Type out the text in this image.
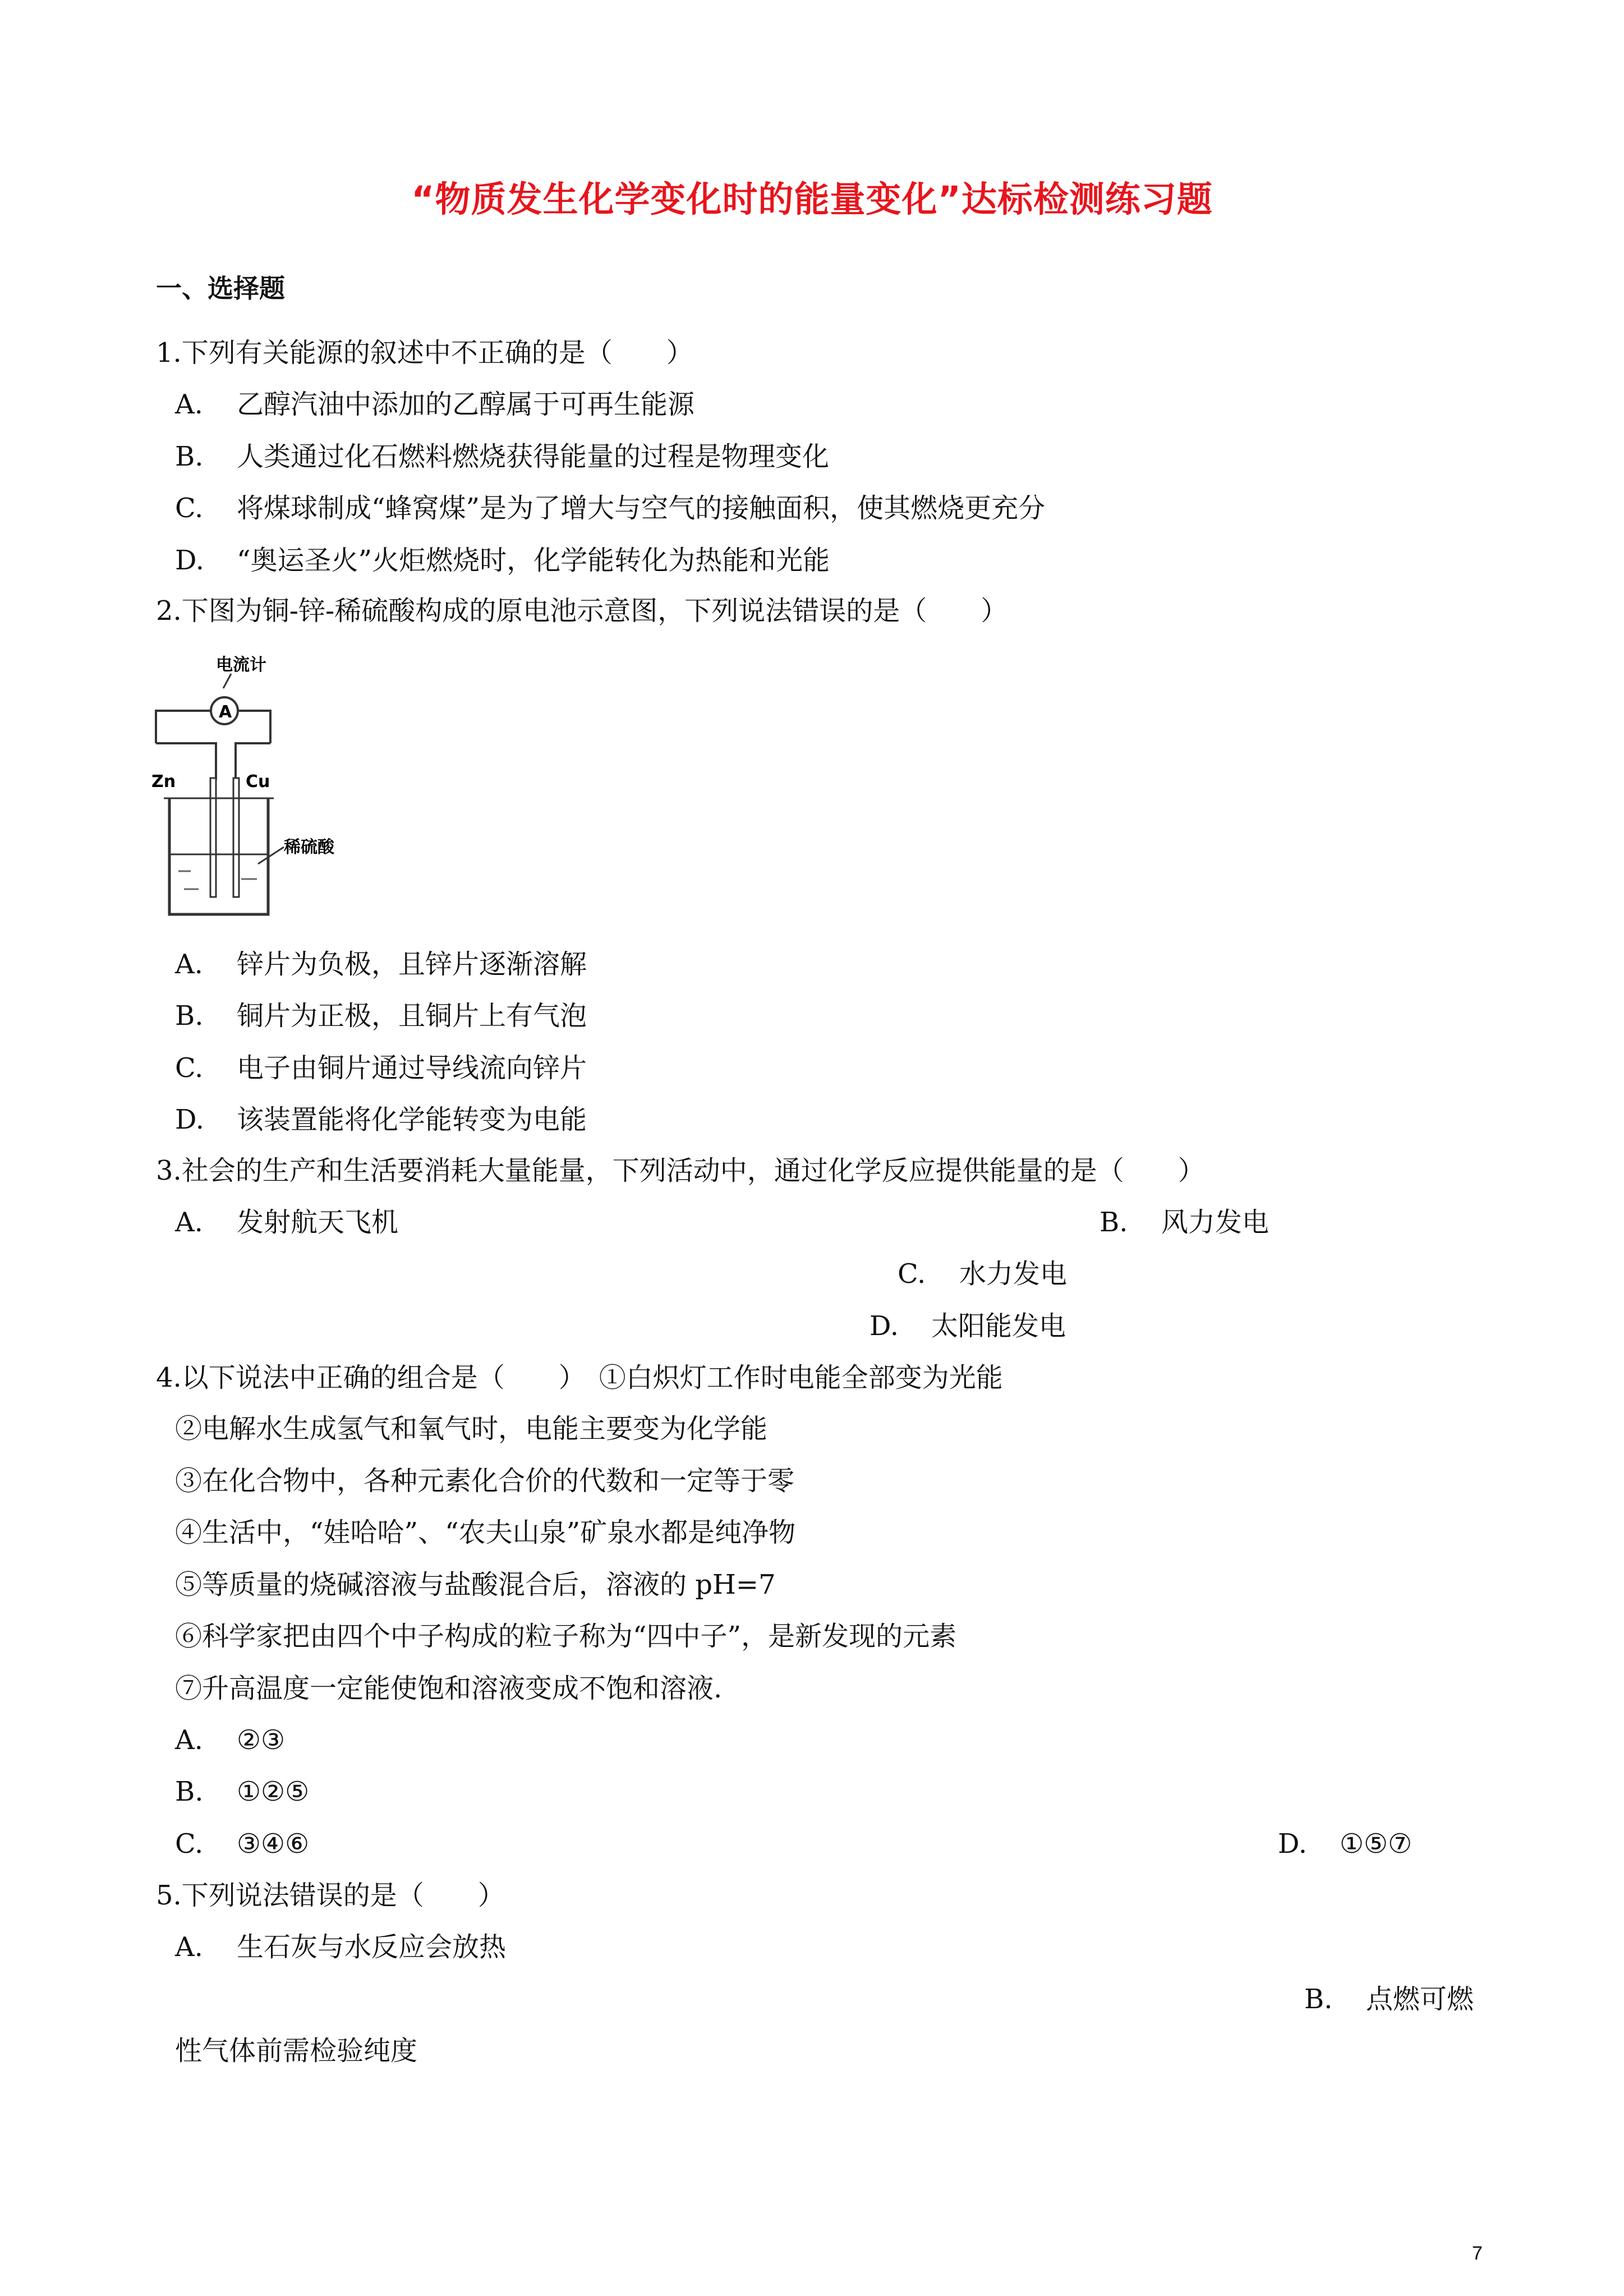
“物质发生化学变化时的能量变化”达标检测练习题
一、选择题
1.下列有关能源的叙述中不正确的是（　　）
A. 乙醇汽油中添加的乙醇属于可再生能源
B. 人类通过化石燃料燃烧获得能量的过程是物理变化
C. 将煤球制成“蜂窝煤”是为了增大与空气的接触面积，使其燃烧更充分
D. “奥运圣火”火炬燃烧时，化学能转化为热能和光能
2.下图为铜-锌-稀硫酸构成的原电池示意图，下列说法错误的是（　　）
电流计
A
Zn	Cu
稀硫酸
A. 锌片为负极，且锌片逐渐溶解
B. 铜片为正极，且铜片上有气泡
C. 电子由铜片通过导线流向锌片
D. 该装置能将化学能转变为电能
3.社会的生产和生活要消耗大量能量，下列活动中，通过化学反应提供能量的是（　　）
A. 发射航天飞机	B. 风力发电
C. 水力发电
D. 太阳能发电
4.以下说法中正确的组合是（　　）　①白炽灯工作时电能全部变为光能
②电解水生成氢气和氧气时，电能主要变为化学能
③在化合物中，各种元素化合价的代数和一定等于零
④生活中，“娃哈哈”、“农夫山泉”矿泉水都是纯净物
⑤等质量的烧碱溶液与盐酸混合后，溶液的 pH=7
⑥科学家把由四个中子构成的粒子称为“四中子”，是新发现的元素
⑦升高温度一定能使饱和溶液变成不饱和溶液.
A. ②③
B. ①②⑤
C. ③④⑥	D. ①⑤⑦
5.下列说法错误的是（　　）
A. 生石灰与水反应会放热
B. 点燃可燃
性气体前需检验纯度
7
